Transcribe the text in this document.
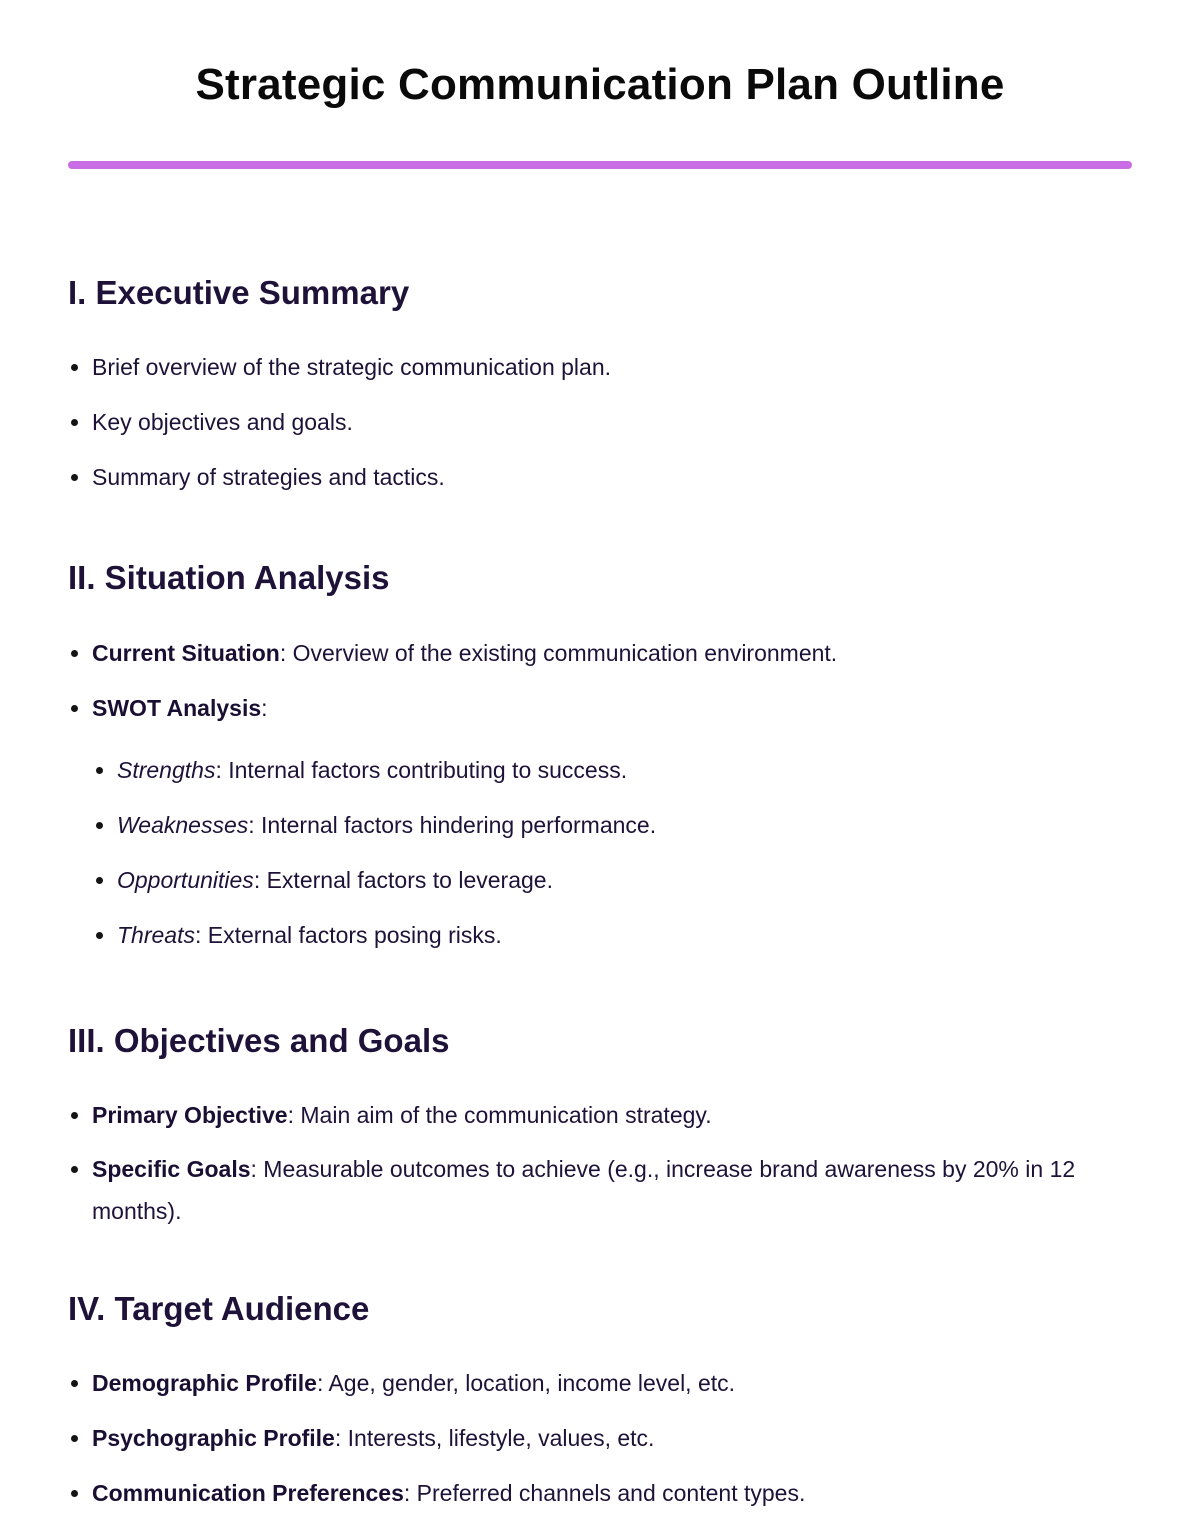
Strategic Communication Plan Outline
I. Executive Summary
Brief overview of the strategic communication plan.
Key objectives and goals.
Summary of strategies and tactics.
II. Situation Analysis
Current Situation: Overview of the existing communication environment.
SWOT Analysis:
Strengths: Internal factors contributing to success.
Weaknesses: Internal factors hindering performance.
Opportunities: External factors to leverage.
Threats: External factors posing risks.
III. Objectives and Goals
Primary Objective: Main aim of the communication strategy.
Specific Goals: Measurable outcomes to achieve (e.g., increase brand awareness by 20% in 12 months).
IV. Target Audience
Demographic Profile: Age, gender, location, income level, etc.
Psychographic Profile: Interests, lifestyle, values, etc.
Communication Preferences: Preferred channels and content types.
